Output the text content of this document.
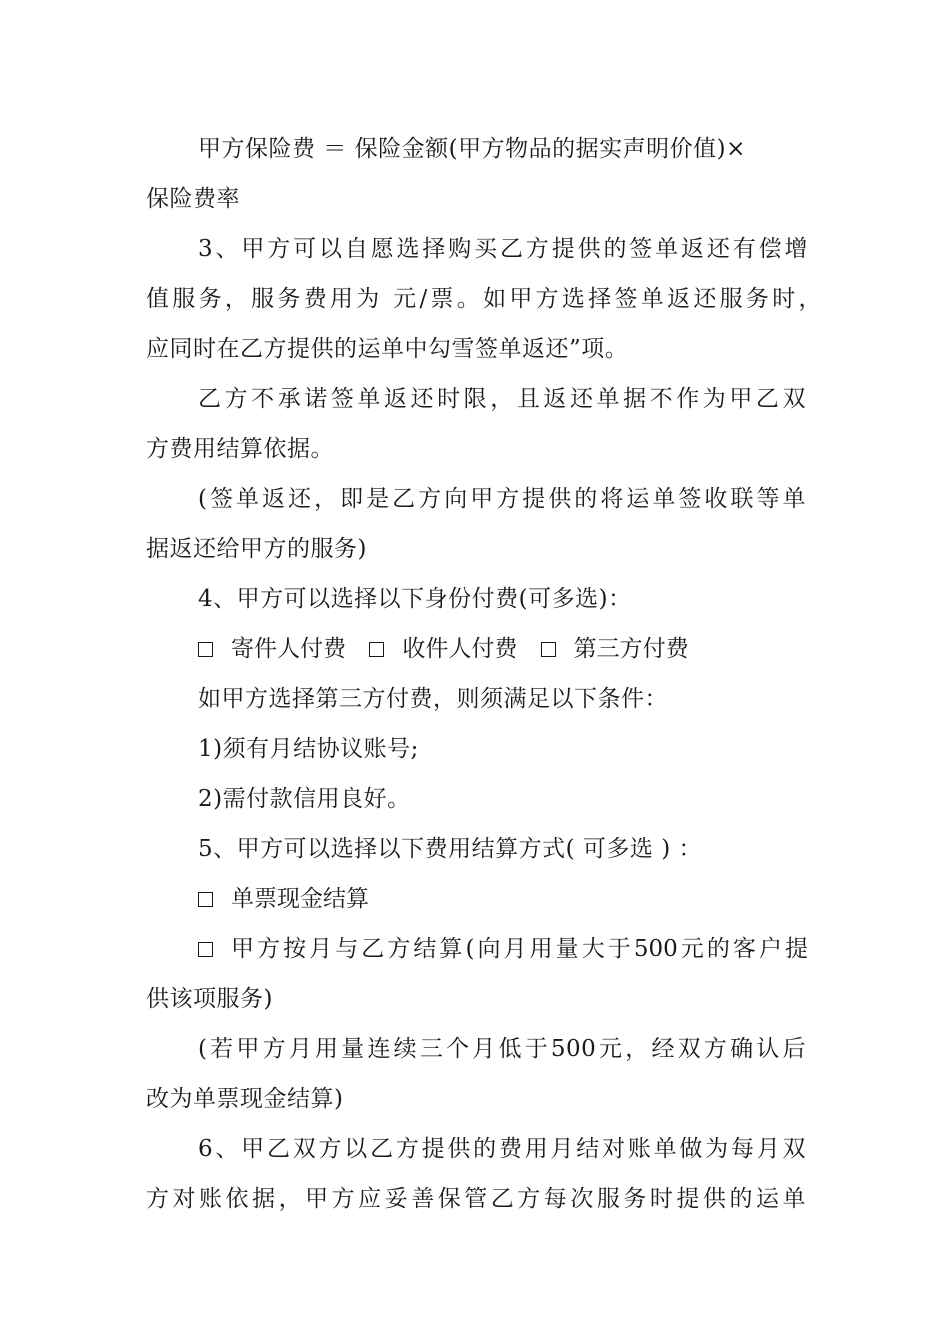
甲方保险费 ＝ 保险金额(甲方物品的据实声明价值)×
保险费率
3、甲方可以自愿选择购买乙方提供的签单返还有偿增
值服务，服务费用为 元/票。如甲方选择签单返还服务时，
应同时在乙方提供的运单中勾雪签单返还”项。
乙方不承诺签单返还时限，且返还单据不作为甲乙双
方费用结算依据。
(签单返还，即是乙方向甲方提供的将运单签收联等单
据返还给甲方的服务)
4、甲方可以选择以下身份付费(可多选)：
寄件人付费 收件人付费 第三方付费
如甲方选择第三方付费，则须满足以下条件：
1)须有月结协议账号;
2)需付款信用良好。
5、甲方可以选择以下费用结算方式( 可多选 ) ：
单票现金结算
甲方按月与乙方结算(向月用量大于500元的客户提
供该项服务)
(若甲方月用量连续三个月低于500元，经双方确认后
改为单票现金结算)
6、甲乙双方以乙方提供的费用月结对账单做为每月双
方对账依据，甲方应妥善保管乙方每次服务时提供的运单
